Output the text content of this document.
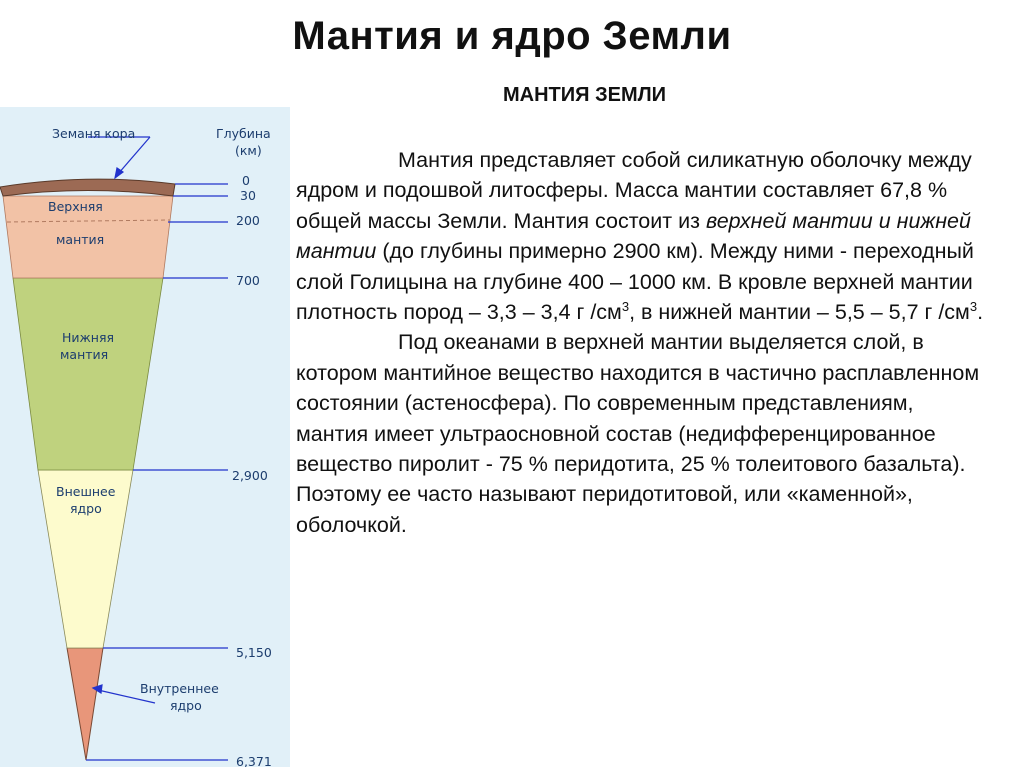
Мантия и ядро Земли
МАНТИЯ ЗЕМЛИ

Мантия представляет собой силикатную оболочку между ядром и подошвой литосферы. Масса мантии составляет 67,8 % общей массы Земли. Мантия состоит из верхней мантии и нижней мантии (до глубины примерно 2900 км). Между ними - переходный слой Голицына на глубине 400 – 1000 км. В кровле верхней мантии плотность пород – 3,3 – 3,4 г $/см^3$, в нижней мантии – 5,5 – 5,7 г $/см^3$.

Под океанами в верхней мантии выделяется слой, в котором мантийное вещество находится в частично расплавленном состоянии (астеносфера). По современным представлениям, мантия имеет ультраосновной состав (недифференцированное вещество пиролит - 75 % перидотита, 25 % толеитового базальта). Поэтому ее часто называют перидотитовой, или «каменной», оболочкой.

Земаня кора	Глубина
(км)
Верхняя
мантия
Нижняя
мантия
Внешнее
ядро
Внутреннее
ядро
0
30
200
700
2,900
5,150
6,371
